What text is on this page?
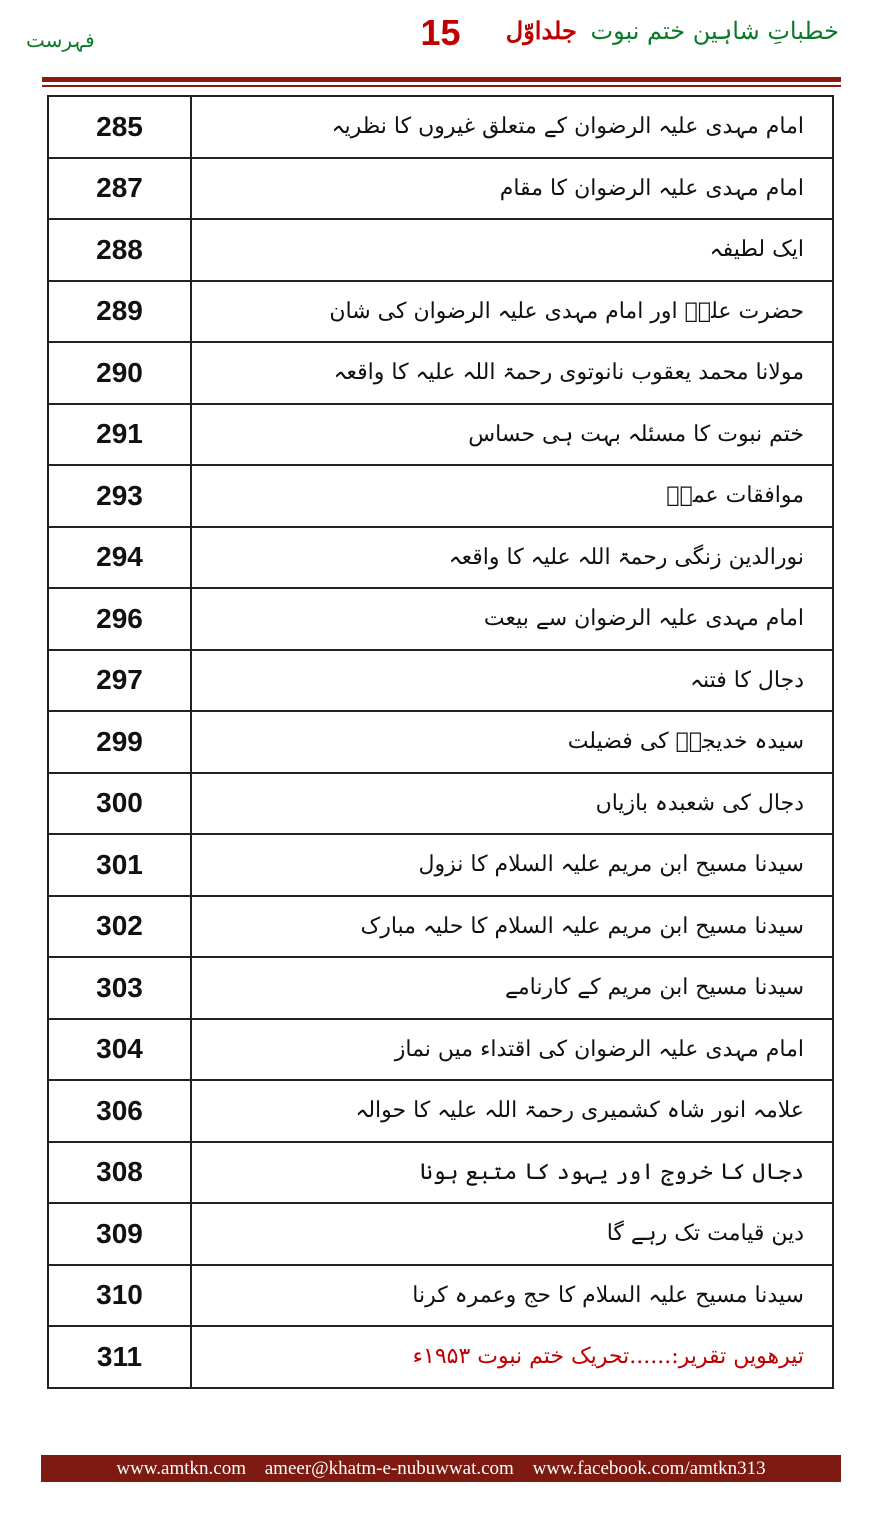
خطباتِ شاہین ختم نبوت جلداوّل
15
فہرست
285	امام مہدی علیہ الرضوان کے متعلق غیروں کا نظریہ
287	امام مہدی علیہ الرضوان کا مقام
288	ایک لطیفہ
289	حضرت علیؓ اور امام مہدی علیہ الرضوان کی شان
290	مولانا محمد یعقوب نانوتوی رحمۃ اللہ علیہ کا واقعہ
291	ختم نبوت کا مسئلہ بہت ہی حساس
293	موافقات عمرؓ
294	نورالدین زنگی رحمۃ اللہ علیہ کا واقعہ
296	امام مہدی علیہ الرضوان سے بیعت
297	دجال کا فتنہ
299	سیدہ خدیجہؓ کی فضیلت
300	دجال کی شعبدہ بازیاں
301	سیدنا مسیح ابن مریم علیہ السلام کا نزول
302	سیدنا مسیح ابن مریم علیہ السلام کا حلیہ مبارک
303	سیدنا مسیح ابن مریم کے کارنامے
304	امام مہدی علیہ الرضوان کی اقتداء میں نماز
306	علامہ انور شاہ کشمیری رحمۃ اللہ علیہ کا حوالہ
308	دجال کا خروج اور یہود کا متبع ہونا
309	دین قیامت تک رہے گا
310	سیدنا مسیح علیہ السلام کا حج وعمرہ کرنا
311	تیرھویں تقریر:......تحریک ختم نبوت ۱۹۵۳ء
www.amtkn.com ameer@khatm-e-nubuwwat.com www.facebook.com/amtkn313
